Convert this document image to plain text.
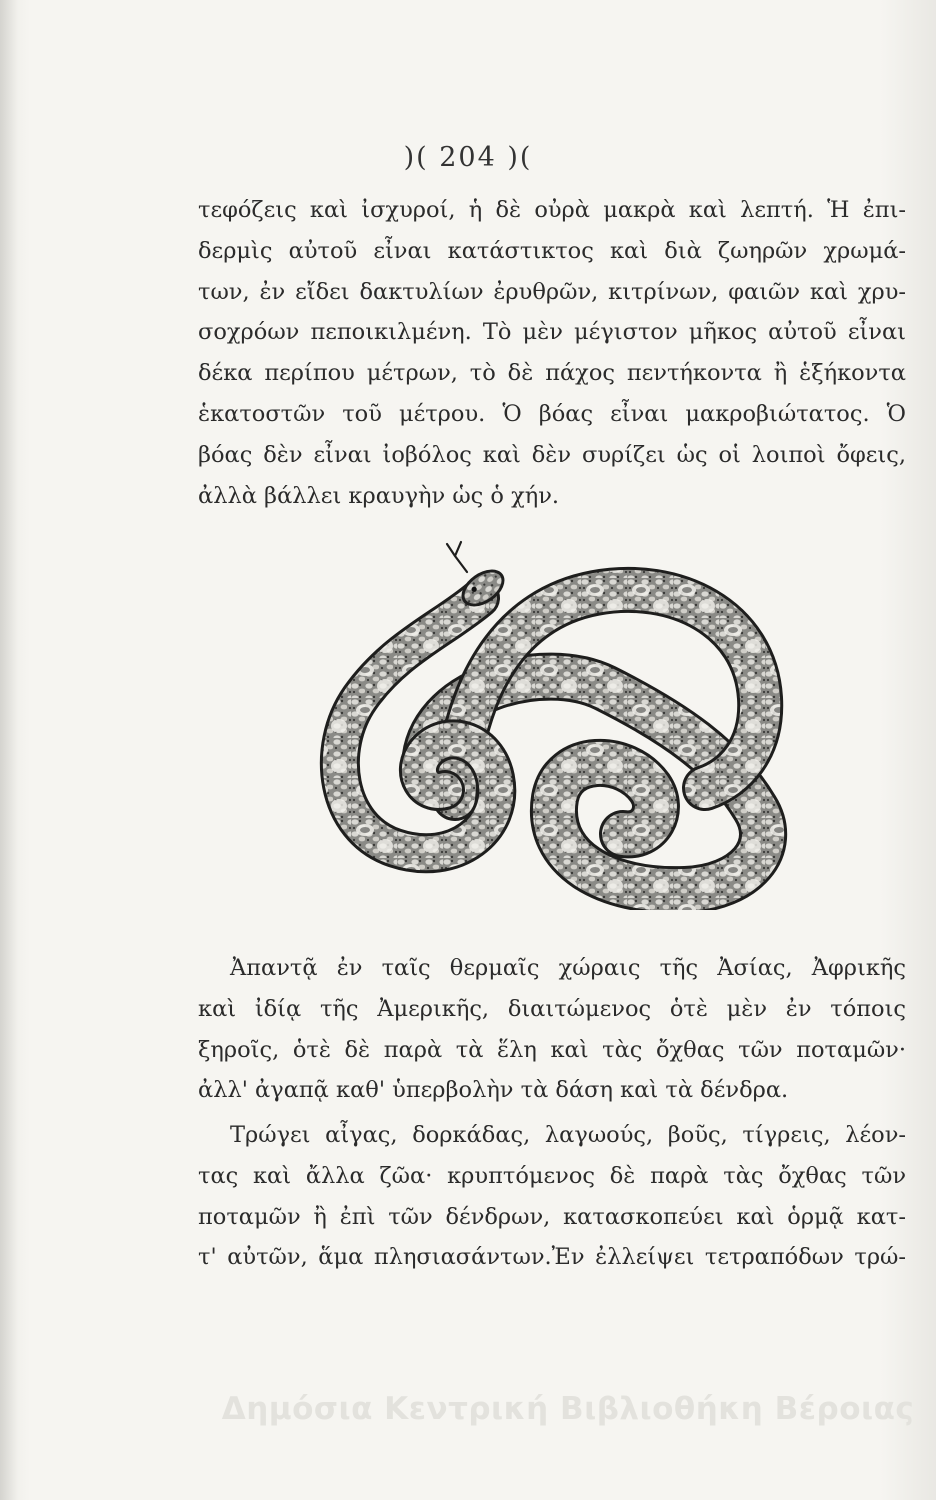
)( 204 )(
τεφόζεις καὶ ἰσχυροί, ἡ δὲ οὐρὰ μακρὰ καὶ λεπτή. Ἡ ἐπι-
δερμὶς αὐτοῦ εἶναι κατάστικτος καὶ διὰ ζωηρῶν χρωμά-
των, ἐν εἴδει δακτυλίων ἐρυθρῶν, κιτρίνων, φαιῶν καὶ χρυ-
σοχρόων πεποικιλμένη. Τὸ μὲν μέγιστον μῆκος αὐτοῦ εἶναι
δέκα περίπου μέτρων, τὸ δὲ πάχος πεντήκοντα ἢ ἑξήκοντα
ἑκατοστῶν τοῦ μέτρου. Ὁ βόας εἶναι μακροβιώτατος. Ὁ
βόας δὲν εἶναι ἰοβόλος καὶ δὲν συρίζει ὡς οἱ λοιποὶ ὄφεις,
ἀλλὰ βάλλει κραυγὴν ὡς ὁ χήν.
Ἀπαντᾷ ἐν ταῖς θερμαῖς χώραις τῆς Ἀσίας, Ἀφρικῆς
καὶ ἰδίᾳ τῆς Ἀμερικῆς, διαιτώμενος ὁτὲ μὲν ἐν τόποις
ξηροῖς, ὁτὲ δὲ παρὰ τὰ ἕλη καὶ τὰς ὄχθας τῶν ποταμῶν·
ἀλλ' ἀγαπᾷ καθ' ὑπερβολὴν τὰ δάση καὶ τὰ δένδρα.
Τρώγει αἶγας, δορκάδας, λαγωούς, βοῦς, τίγρεις, λέον-
τας καὶ ἄλλα ζῶα· κρυπτόμενος δὲ παρὰ τὰς ὄχθας τῶν
ποταμῶν ἢ ἐπὶ τῶν δένδρων, κατασκοπεύει καὶ ὁρμᾷ κατ-
τ' αὐτῶν, ἅμα πλησιασάντων.Ἐν ἐλλείψει τετραπόδων τρώ-
Δημόσια Κεντρική Βιβλιοθήκη Βέροιας
